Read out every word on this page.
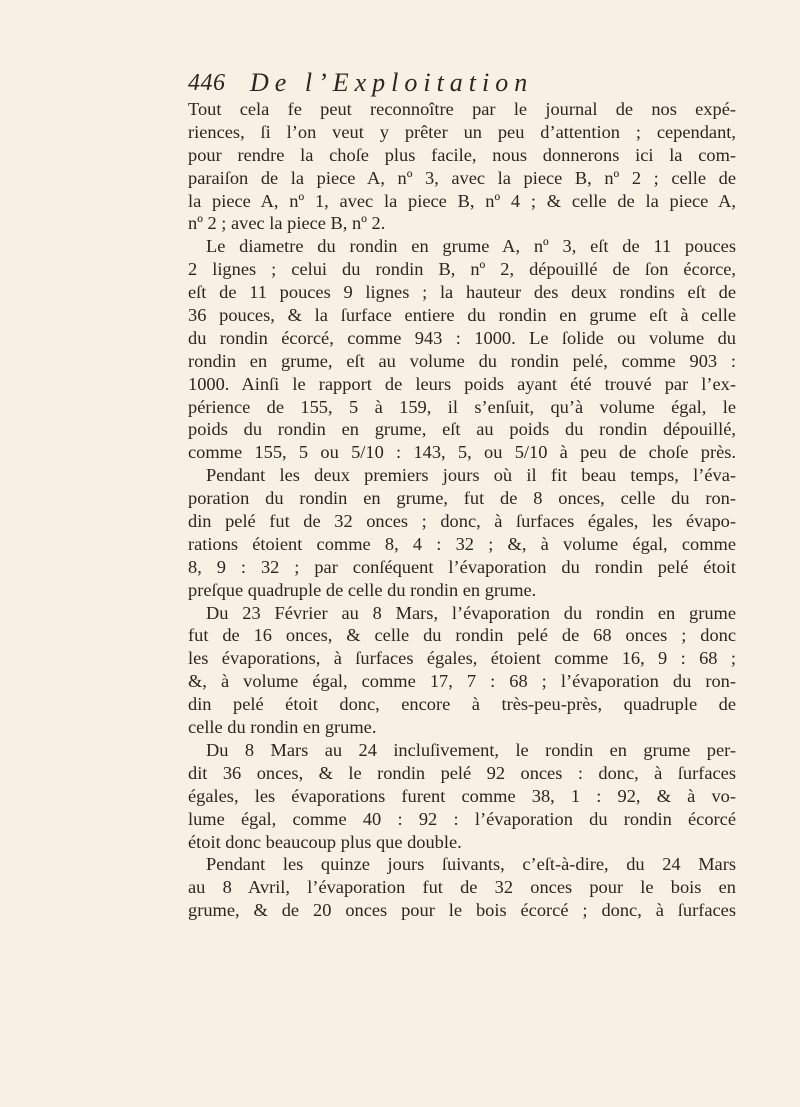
446 De l’Exploitation
Tout cela fe peut reconnoître par le journal de nos expé-
riences, ſi l’on veut y prêter un peu d’attention ; cependant,
pour rendre la choſe plus facile, nous donnerons ici la com-
paraiſon de la piece A, nº 3, avec la piece B, nº 2 ; celle de
la piece A, nº 1, avec la piece B, nº 4 ; & celle de la piece A,
nº 2 ; avec la piece B, nº 2.
Le diametre du rondin en grume A, nº 3, eſt de 11 pouces
2 lignes ; celui du rondin B, nº 2, dépouillé de ſon écorce,
eſt de 11 pouces 9 lignes ; la hauteur des deux rondins eſt de
36 pouces, & la ſurface entiere du rondin en grume eſt à celle
du rondin écorcé, comme 943 : 1000. Le ſolide ou volume du
rondin en grume, eſt au volume du rondin pelé, comme 903 :
1000. Ainſi le rapport de leurs poids ayant été trouvé par l’ex-
périence de 155, 5 à 159, il s’enſuit, qu’à volume égal, le
poids du rondin en grume, eſt au poids du rondin dépouillé,
comme 155, 5 ou 5/10 : 143, 5, ou 5/10 à peu de choſe près.
Pendant les deux premiers jours où il fit beau temps, l’éva-
poration du rondin en grume, fut de 8 onces, celle du ron-
din pelé fut de 32 onces ; donc, à ſurfaces égales, les évapo-
rations étoient comme 8, 4 : 32 ; &, à volume égal, comme
8, 9 : 32 ; par conſéquent l’évaporation du rondin pelé étoit
preſque quadruple de celle du rondin en grume.
Du 23 Février au 8 Mars, l’évaporation du rondin en grume
fut de 16 onces, & celle du rondin pelé de 68 onces ; donc
les évaporations, à ſurfaces égales, étoient comme 16, 9 : 68 ;
&, à volume égal, comme 17, 7 : 68 ; l’évaporation du ron-
din pelé étoit donc, encore à très-peu-près, quadruple de
celle du rondin en grume.
Du 8 Mars au 24 incluſivement, le rondin en grume per-
dit 36 onces, & le rondin pelé 92 onces : donc, à ſurfaces
égales, les évaporations furent comme 38, 1 : 92, & à vo-
lume égal, comme 40 : 92 : l’évaporation du rondin écorcé
étoit donc beaucoup plus que double.
Pendant les quinze jours ſuivants, c’eſt-à-dire, du 24 Mars
au 8 Avril, l’évaporation fut de 32 onces pour le bois en
grume, & de 20 onces pour le bois écorcé ; donc, à ſurfaces
